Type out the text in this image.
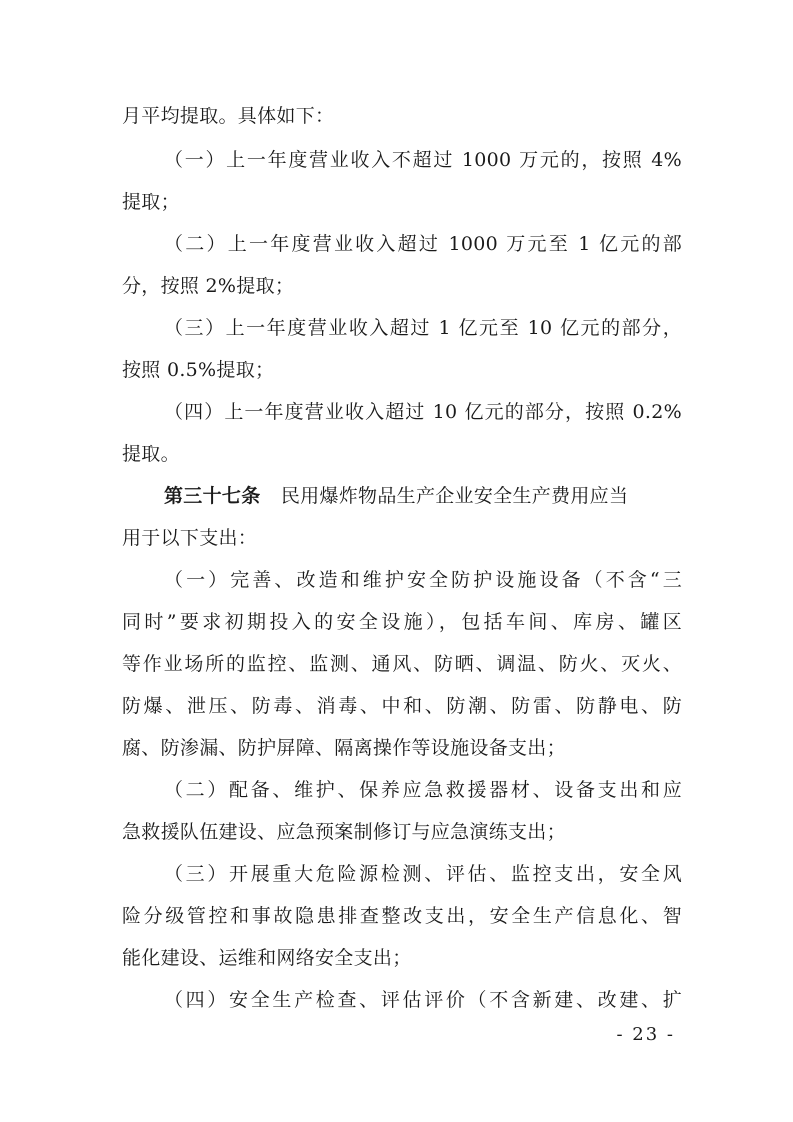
月平均提取。具体如下：
（一）上一年度营业收入不超过 1000 万元的，按照 4%
提取；
（二）上一年度营业收入超过 1000 万元至 1 亿元的部
分，按照 2%提取；
（三）上一年度营业收入超过 1 亿元至 10 亿元的部分，
按照 0.5%提取；
（四）上一年度营业收入超过 10 亿元的部分，按照 0.2%
提取。
第三十七条 民用爆炸物品生产企业安全生产费用应当
用于以下支出：
（一）完善、改造和维护安全防护设施设备（不含“三
同时”要求初期投入的安全设施），包括车间、库房、罐区
等作业场所的监控、监测、通风、防晒、调温、防火、灭火、
防爆、泄压、防毒、消毒、中和、防潮、防雷、防静电、防
腐、防渗漏、防护屏障、隔离操作等设施设备支出；
（二）配备、维护、保养应急救援器材、设备支出和应
急救援队伍建设、应急预案制修订与应急演练支出；
（三）开展重大危险源检测、评估、监控支出，安全风
险分级管控和事故隐患排查整改支出，安全生产信息化、智
能化建设、运维和网络安全支出；
（四）安全生产检查、评估评价（不含新建、改建、扩
- 23 -
